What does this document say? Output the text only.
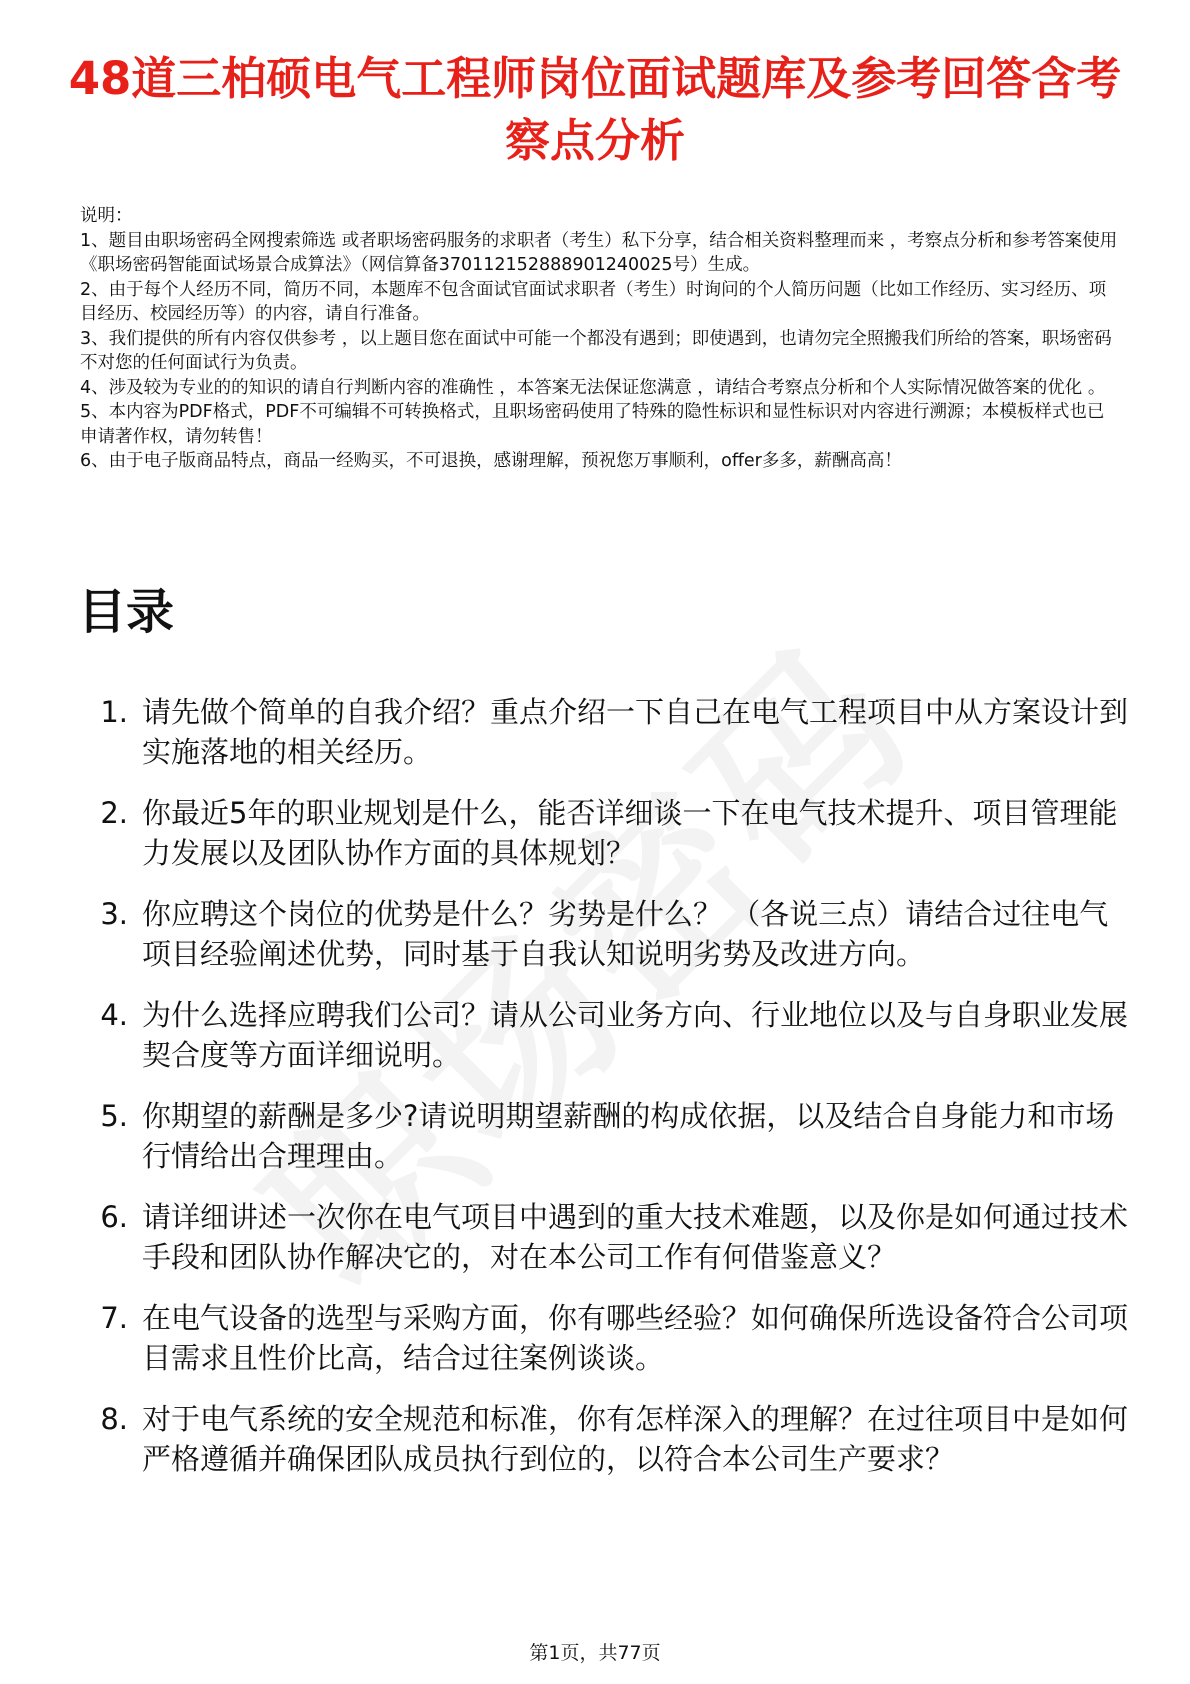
48道三柏硕电气工程师岗位面试题库及参考回答含考察点分析

说明：

1、题目由职场密码全网搜索筛选 或者职场密码服务的求职者（考生）私下分享，结合相关资料整理而来 ，考察点分析和参考答案使用《职场密码智能面试场景合成算法》（网信算备370112152888901240025号）生成。

2、由于每个人经历不同，简历不同，本题库不包含面试官面试求职者（考生）时询问的个人简历问题（比如工作经历、实习经历、项目经历、校园经历等）的内容，请自行准备。

3、我们提供的所有内容仅供参考 ，以上题目您在面试中可能一个都没有遇到；即使遇到，也请勿完全照搬我们所给的答案，职场密码不对您的任何面试行为负责。

4、涉及较为专业的的知识的请自行判断内容的准确性 ，本答案无法保证您满意 ，请结合考察点分析和个人实际情况做答案的优化 。

5、本内容为PDF格式，PDF不可编辑不可转换格式，且职场密码使用了特殊的隐性标识和显性标识对内容进行溯源；本模板样式也已申请著作权，请勿转售！

6、由于电子版商品特点，商品一经购买，不可退换，感谢理解，预祝您万事顺利，offer多多，薪酬高高！

目录
1. 请先做个简单的自我介绍？重点介绍一下自己在电气工程项目中从方案设计到实施落地的相关经历。
2. 你最近5年的职业规划是什么，能否详细谈一下在电气技术提升、项目管理能力发展以及团队协作方面的具体规划？
3. 你应聘这个岗位的优势是什么？劣势是什么？ （各说三点）请结合过往电气项目经验阐述优势，同时基于自我认知说明劣势及改进方向。
4. 为什么选择应聘我们公司？请从公司业务方向、行业地位以及与自身职业发展契合度等方面详细说明。
5. 你期望的薪酬是多少?请说明期望薪酬的构成依据，以及结合自身能力和市场行情给出合理理由。
6. 请详细讲述一次你在电气项目中遇到的重大技术难题，以及你是如何通过技术手段和团队协作解决它的，对在本公司工作有何借鉴意义？
7. 在电气设备的选型与采购方面，你有哪些经验？如何确保所选设备符合公司项目需求且性价比高，结合过往案例谈谈。
8. 对于电气系统的安全规范和标准，你有怎样深入的理解？在过往项目中是如何严格遵循并确保团队成员执行到位的，以符合本公司生产要求？
第1页，共77页
